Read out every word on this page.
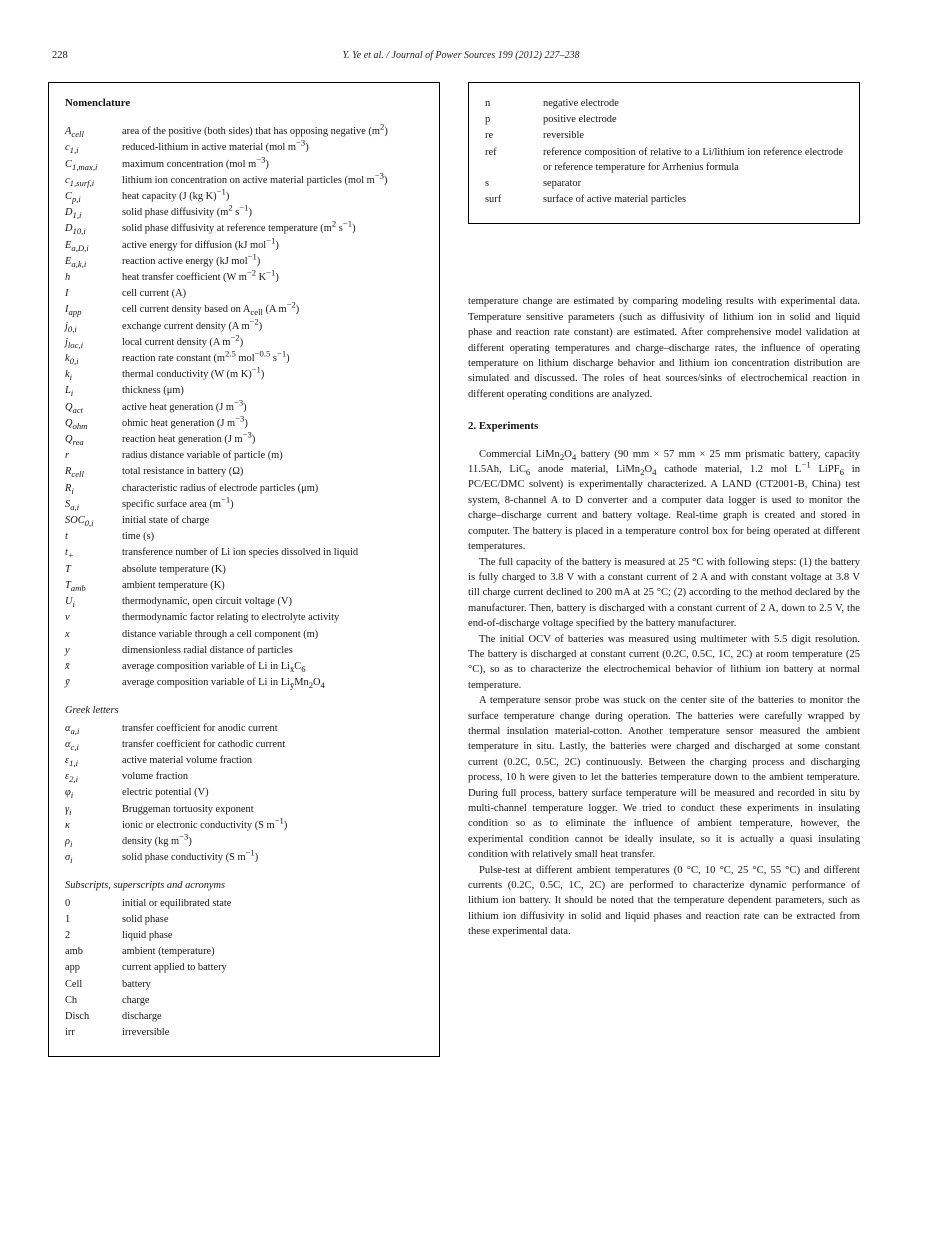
228	Y. Ye et al. / Journal of Power Sources 199 (2012) 227–238
Nomenclature
$A_{cell}$	area of the positive (both sides) that has opposing negative $(m^2)$
$c_{1,i}$	reduced-lithium in active material (mol $m^{-3}$)
$C_{1,max,i}$	maximum concentration (mol $m^{-3}$)
$c_{1,surf,i}$	lithium ion concentration on active material particles (mol $m^{-3}$)
$C_{p,i}$	heat capacity (J (kg K)$^{-1}$)
$D_{1,i}$	solid phase diffusivity ($m^2$ $s^{-1}$)
$D_{10,i}$	solid phase diffusivity at reference temperature ($m^2$ $s^{-1}$)
$E_{a,D,i}$	active energy for diffusion (kJ mol$^{-1}$)
$E_{a,k,i}$	reaction active energy (kJ mol$^{-1}$)
h	heat transfer coefficient (W $m^{-2}$ $K^{-1}$)
I	cell current (A)
$I_{app}$	cell current density based on $A_{cell}$ (A $m^{-2}$)
$j_{0,i}$	exchange current density (A $m^{-2}$)
$j_{loc,i}$	local current density (A $m^{-2}$)
$k_{0,i}$	reaction rate constant ($m^{2.5}$ mol$^{-0.5}$ $s^{-1}$)
$k_i$	thermal conductivity (W (m K)$^{-1}$)
$L_i$	thickness (μm)
$Q_{act}$	active heat generation (J $m^{-3}$)
$Q_{ohm}$	ohmic heat generation (J $m^{-3}$)
$Q_{rea}$	reaction heat generation (J $m^{-3}$)
r	radius distance variable of particle (m)
$R_{cell}$	total resistance in battery (Ω)
$R_i$	characteristic radius of electrode particles (μm)
$S_{a,i}$	specific surface area $(m^{-1})$
$SOC_{0,i}$	initial state of charge
t	time (s)
$t_+$	transference number of Li ion species dissolved in liquid
T	absolute temperature (K)
$T_{amb}$	ambient temperature (K)
$U_i$	thermodynamic, open circuit voltage (V)
ν	thermodynamic factor relating to electrolyte activity
x	distance variable through a cell component (m)
y	dimensionless radial distance of particles
x̄	average composition variable of Li in $Li_{x̄}C_6$
ȳ	average composition variable of Li in $Li_ȳMn_2O_4$
Greek letters
$\alpha_{a,i}$	transfer coefficient for anodic current
$\alpha_{c,i}$	transfer coefficient for cathodic current
$\varepsilon_{1,i}$	active material volume fraction
$\varepsilon_{2,i}$	volume fraction
$\varphi_i$	electric potential (V)
$\gamma_i$	Bruggeman tortuosity exponent
κ	ionic or electronic conductivity (S $m^{-1}$)
$\rho_i$	density (kg $m^{-3}$)
$\sigma_i$	solid phase conductivity (S $m^{-1}$)
Subscripts, superscripts and acronyms
0	initial or equilibrated state
1	solid phase
2	liquid phase
amb	ambient (temperature)
app	current applied to battery
Cell	battery
Ch	charge
Disch	discharge
irr	irreversible
n	negative electrode
p	positive electrode
re	reversible
ref	reference composition of relative to a Li/lithium ion reference electrode or reference temperature for Arrhenius formula
s	separator
surf	surface of active material particles

temperature change are estimated by comparing modeling results with experimental data. Temperature sensitive parameters (such as diffusivity of lithium ion in solid and liquid phase and reaction rate constant) are estimated. After comprehensive model validation at different operating temperatures and charge–discharge rates, the influence of operating temperature on lithium discharge behavior and lithium ion concentration distribution are simulated and discussed. The roles of heat sources/sinks of electrochemical reaction in different operating conditions are analyzed.

2. Experiments

Commercial $LiMn_2O_4$ battery (90 mm × 57 mm × 25 mm prismatic battery, capacity 11.5Ah, LiC$_6$ anode material, $LiMn_2O_4$ cathode material, 1.2 mol $L^{-1}$ LiPF$_6$ in PC/EC/DMC solvent) is experimentally characterized. A LAND (CT2001-B, China) test system, 8-channel A to D converter and a computer data logger is used to monitor the charge–discharge current and battery voltage. Real-time graph is created and stored in computer. The battery is placed in a temperature control box for being operated at different temperatures.

The full capacity of the battery is measured at 25 °C with following steps: (1) the battery is fully charged to 3.8 V with a constant current of 2 A and with constant voltage at 3.8 V till charge current declined to 200 mA at 25 °C; (2) according to the method declared by the manufacturer. Then, battery is discharged with a constant current of 2 A, down to 2.5 V, the end-of-discharge voltage specified by the battery manufacturer.

The initial OCV of batteries was measured using multimeter with 5.5 digit resolution. The battery is discharged at constant current (0.2C, 0.5C, 1C, 2C) at room temperature (25 °C), so as to characterize the electrochemical behavior of lithium ion battery at normal temperature.

A temperature sensor probe was stuck on the center site of the batteries to monitor the surface temperature change during operation. The batteries were carefully wrapped by thermal insulation material-cotton. Another temperature sensor measured the ambient temperature in situ. Lastly, the batteries were charged and discharged at some constant current (0.2C, 0.5C, 2C) continuously. Between the charging process and discharging process, 10 h were given to let the batteries temperature down to the ambient temperature. During full process, battery surface temperature will be measured and recorded in situ by multi-channel temperature logger. We tried to conduct these experiments in insulating condition so as to eliminate the influence of ambient temperature, however, the experimental condition cannot be ideally insulate, so it is actually a quasi insulating condition with relatively small heat transfer.

Pulse-test at different ambient temperatures (0 °C, 10 °C, 25 °C, 55 °C) and different currents (0.2C, 0.5C, 1C, 2C) are performed to characterize dynamic performance of lithium ion battery. It should be noted that the temperature dependent parameters, such as lithium ion diffusivity in solid and liquid phases and reaction rate can be extracted from these experimental data.
